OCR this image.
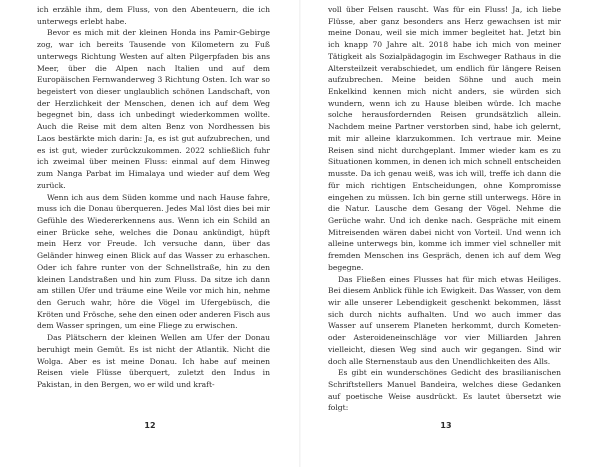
ich erzähle ihm, dem Fluss, von den Abenteuern, die ich unterwegs erlebt habe.

Bevor es mich mit der kleinen Honda ins Pamir-Gebirge zog, war ich bereits Tausende von Kilometern zu Fuß unterwegs Richtung Westen auf alten Pilgerpfaden bis ans Meer, über die Alpen nach Italien und auf dem Europäischen Fernwanderweg 3 Richtung Osten. Ich war so begeistert von dieser unglaublich schönen Landschaft, von der Herzlichkeit der Menschen, denen ich auf dem Weg begegnet bin, dass ich unbedingt wiederkommen wollte. Auch die Reise mit dem alten Benz von Nordhessen bis Laos bestärkte mich darin: Ja, es ist gut aufzubrechen, und es ist gut, wieder zurückzukommen. 2022 schließlich fuhr ich zweimal über meinen Fluss: einmal auf dem Hinweg zum Nanga Parbat im Himalaya und wieder auf dem Weg zurück.

Wenn ich aus dem Süden komme und nach Hause fahre, muss ich die Donau überqueren. Jedes Mal löst dies bei mir Gefühle des Wiedererkennens aus. Wenn ich ein Schild an einer Brücke sehe, welches die Donau ankündigt, hüpft mein Herz vor Freude. Ich versuche dann, über das Geländer hinweg einen Blick auf das Wasser zu erhaschen. Oder ich fahre runter von der Schnellstraße, hin zu den kleinen Landstraßen und hin zum Fluss. Da sitze ich dann am stillen Ufer und träume eine Weile vor mich hin, nehme den Geruch wahr, höre die Vögel im Ufergebüsch, die Kröten und Frösche, sehe den einen oder anderen Fisch aus dem Wasser springen, um eine Fliege zu erwischen.

Das Plätschern der kleinen Wellen am Ufer der Donau beruhigt mein Gemüt. Es ist nicht der Atlantik. Nicht die Wolga. Aber es ist meine Donau. Ich habe auf meinen Reisen viele Flüsse überquert, zuletzt den Indus in Pakistan, in den Bergen, wo er wild und kraft-

12

voll über Felsen rauscht. Was für ein Fluss! Ja, ich liebe Flüsse, aber ganz besonders ans Herz gewachsen ist mir meine Donau, weil sie mich immer begleitet hat. Jetzt bin ich knapp 70 Jahre alt. 2018 habe ich mich von meiner Tätigkeit als Sozialpädagogin im Eschweger Rathaus in die Altersteilzeit verabschiedet, um endlich für längere Reisen aufzubrechen. Meine beiden Söhne und auch mein Enkelkind kennen mich nicht anders, sie würden sich wundern, wenn ich zu Hause bleiben würde. Ich mache solche herausfordernden Reisen grundsätzlich allein. Nachdem meine Partner verstorben sind, habe ich gelernt, mit mir alleine klarzukommen. Ich vertraue mir. Meine Reisen sind nicht durchgeplant. Immer wieder kam es zu Situationen kommen, in denen ich mich schnell entscheiden musste. Da ich genau weiß, was ich will, treffe ich dann die für mich richtigen Entscheidungen, ohne Kompromisse eingehen zu müssen. Ich bin gerne still unterwegs. Höre in die Natur. Lausche dem Gesang der Vögel. Nehme die Gerüche wahr. Und ich denke nach. Gespräche mit einem Mitreisenden wären dabei nicht von Vorteil. Und wenn ich alleine unterwegs bin, komme ich immer viel schneller mit fremden Menschen ins Gespräch, denen ich auf dem Weg begegne.

Das Fließen eines Flusses hat für mich etwas Heiliges. Bei diesem Anblick fühle ich Ewigkeit. Das Wasser, von dem wir alle unserer Lebendigkeit geschenkt bekommen, lässt sich durch nichts aufhalten. Und wo auch immer das Wasser auf unserem Planeten herkommt, durch Kometen- oder Asteroideneinschläge vor vier Milliarden Jahren vielleicht, diesen Weg sind auch wir gegangen. Sind wir doch alle Sternenstaub aus den Unendlichkeiten des Alls.

Es gibt ein wunderschönes Gedicht des brasilianischen Schriftstellers Manuel Bandeira, welches diese Gedanken auf poetische Weise ausdrückt. Es lautet übersetzt wie folgt:

13
